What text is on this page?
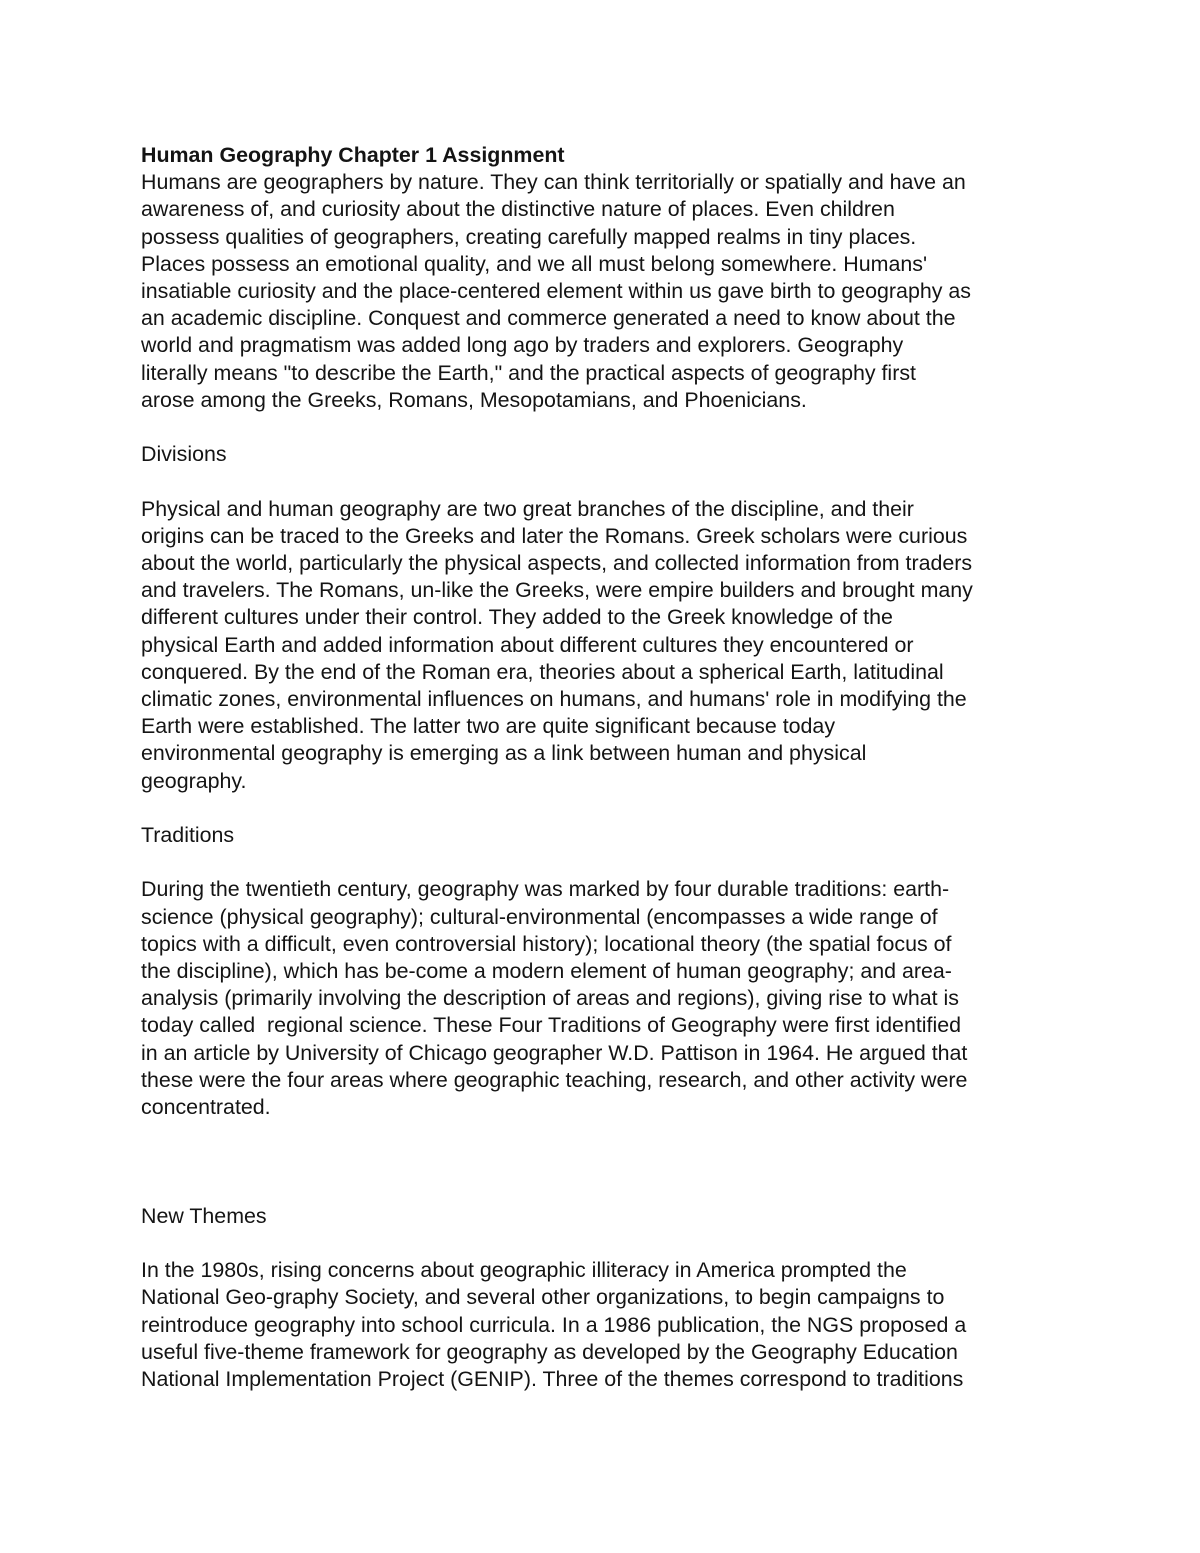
Human Geography Chapter 1 Assignment
Humans are geographers by nature. They can think territorially or spatially and have an
awareness of, and curiosity about the distinctive nature of places. Even children
possess qualities of geographers, creating carefully mapped realms in tiny places.
Places possess an emotional quality, and we all must belong somewhere. Humans'
insatiable curiosity and the place-centered element within us gave birth to geography as
an academic discipline. Conquest and commerce generated a need to know about the
world and pragmatism was added long ago by traders and explorers. Geography
literally means "to describe the Earth," and the practical aspects of geography first
arose among the Greeks, Romans, Mesopotamians, and Phoenicians.
Divisions
Physical and human geography are two great branches of the discipline, and their
origins can be traced to the Greeks and later the Romans. Greek scholars were curious
about the world, particularly the physical aspects, and collected information from traders
and travelers. The Romans, un-like the Greeks, were empire builders and brought many
different cultures under their control. They added to the Greek knowledge of the
physical Earth and added information about different cultures they encountered or
conquered. By the end of the Roman era, theories about a spherical Earth, latitudinal
climatic zones, environmental influences on humans, and humans' role in modifying the
Earth were established. The latter two are quite significant because today
environmental geography is emerging as a link between human and physical
geography.
Traditions
During the twentieth century, geography was marked by four durable traditions: earth-
science (physical geography); cultural-environmental (encompasses a wide range of
topics with a difficult, even controversial history); locational theory (the spatial focus of
the discipline), which has be-come a modern element of human geography; and area-
analysis (primarily involving the description of areas and regions), giving rise to what is
today called  regional science. These Four Traditions of Geography were first identified
in an article by University of Chicago geographer W.D. Pattison in 1964. He argued that
these were the four areas where geographic teaching, research, and other activity were
concentrated.
New Themes
In the 1980s, rising concerns about geographic illiteracy in America prompted the
National Geo-graphy Society, and several other organizations, to begin campaigns to
reintroduce geography into school curricula. In a 1986 publication, the NGS proposed a
useful five-theme framework for geography as developed by the Geography Education
National Implementation Project (GENIP). Three of the themes correspond to traditions
